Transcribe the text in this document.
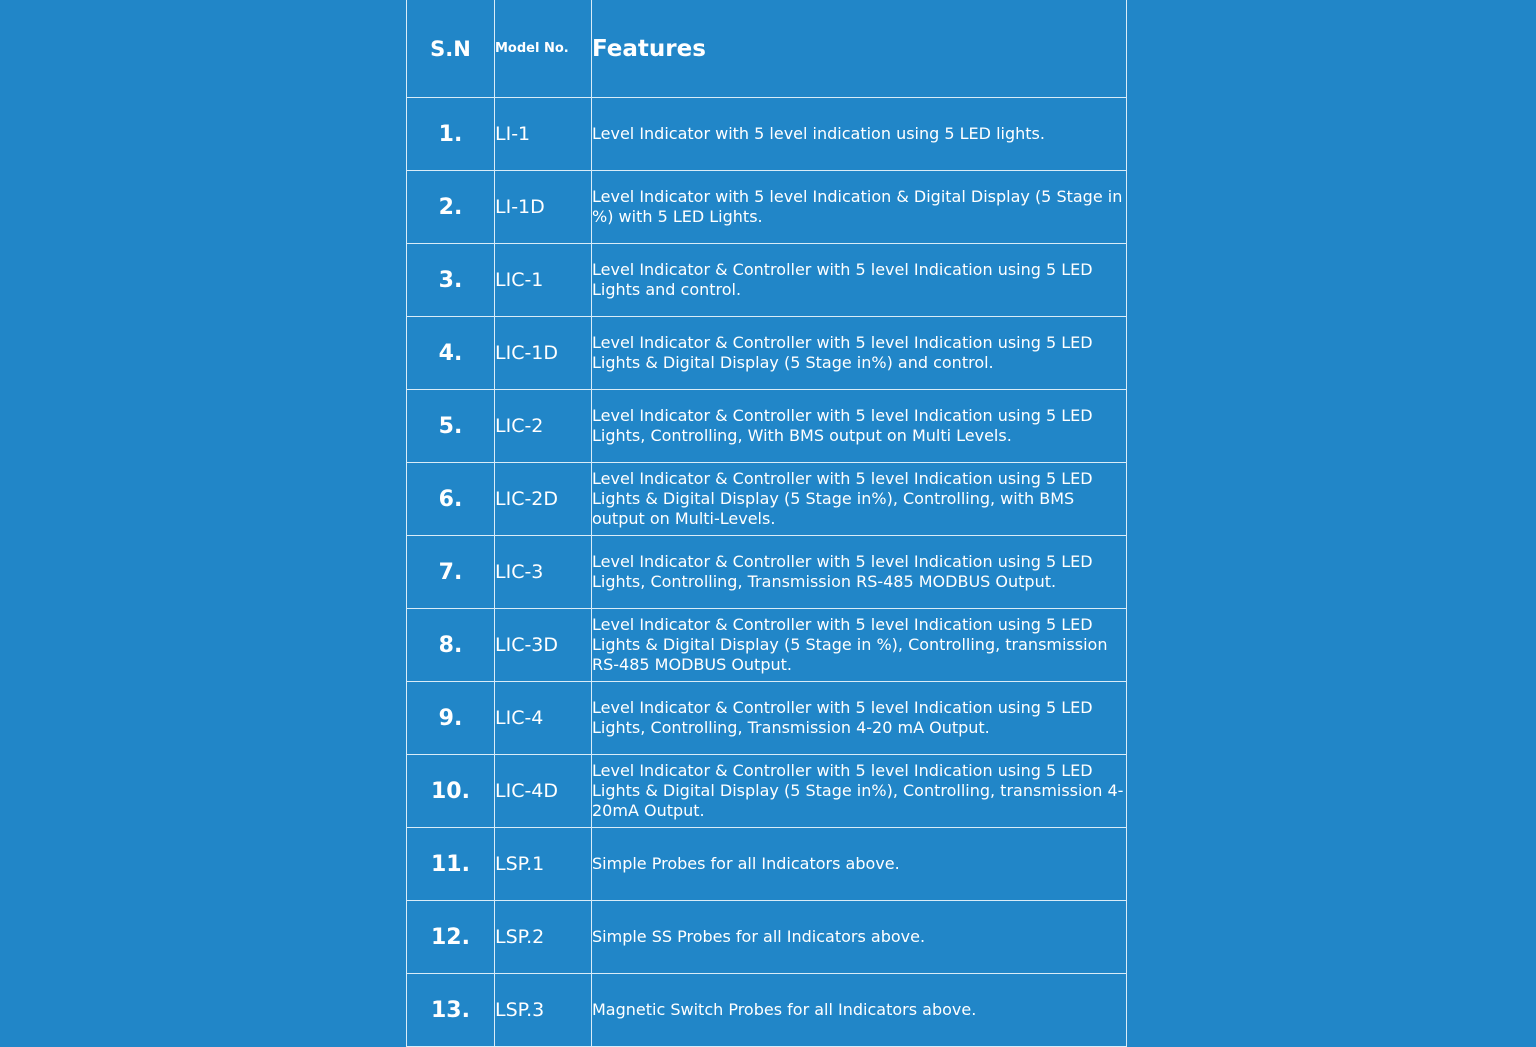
S.N	Model No.	Features
1.	LI-1	Level Indicator with 5 level indication using 5 LED lights.
2.	LI-1D	Level Indicator with 5 level Indication & Digital Display (5 Stage in %) with 5 LED Lights.
3.	LIC-1	Level Indicator & Controller with 5 level Indication using 5 LED Lights and control.
4.	LIC-1D	Level Indicator & Controller with 5 level Indication using 5 LED Lights & Digital Display (5 Stage in%) and control.
5.	LIC-2	Level Indicator & Controller with 5 level Indication using 5 LED Lights, Controlling, With BMS output on Multi Levels.
6.	LIC-2D	Level Indicator & Controller with 5 level Indication using 5 LED Lights & Digital Display (5 Stage in%), Controlling, with BMS output on Multi-Levels.
7.	LIC-3	Level Indicator & Controller with 5 level Indication using 5 LED Lights, Controlling, Transmission RS-485 MODBUS Output.
8.	LIC-3D	Level Indicator & Controller with 5 level Indication using 5 LED Lights & Digital Display (5 Stage in %), Controlling, transmission RS-485 MODBUS Output.
9.	LIC-4	Level Indicator & Controller with 5 level Indication using 5 LED Lights, Controlling, Transmission 4-20 mA Output.
10.	LIC-4D	Level Indicator & Controller with 5 level Indication using 5 LED Lights & Digital Display (5 Stage in%), Controlling, transmission 4-20mA Output.
11.	LSP.1	Simple Probes for all Indicators above.
12.	LSP.2	Simple SS Probes for all Indicators above.
13.	LSP.3	Magnetic Switch Probes for all Indicators above.
